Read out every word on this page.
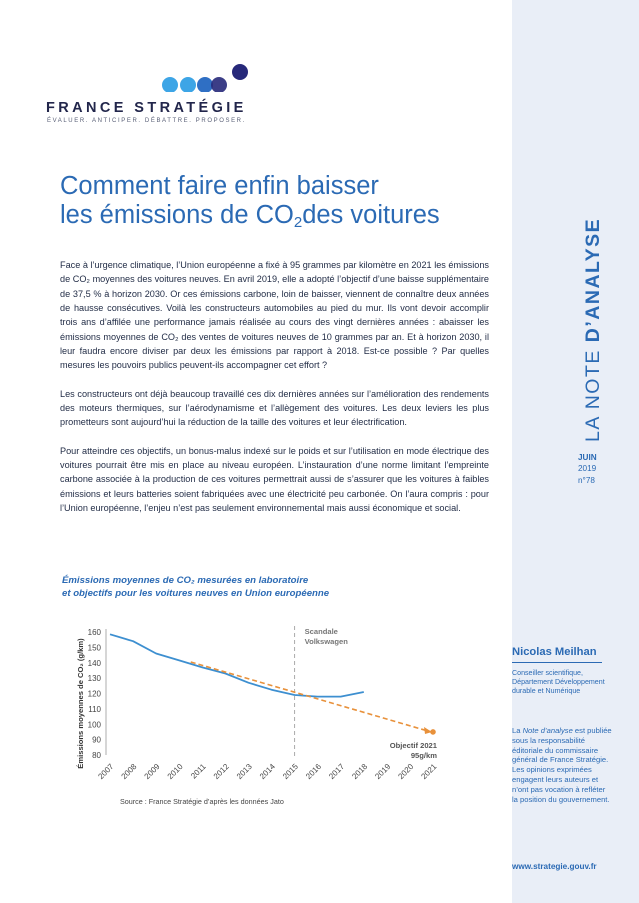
FRANCE STRATÉGIE
ÉVALUER. ANTICIPER. DÉBATTRE. PROPOSER.
Comment faire enfin baisser
les émissions de $CO_2des$ voitures

Face à l’urgence climatique, l’Union européenne a fixé à 95 grammes par kilomètre en 2021 les émissions de CO₂ moyennes des voitures neuves. En avril 2019, elle a adopté l’objectif d’une baisse supplémentaire de 37,5 % à horizon 2030. Or ces émissions carbone, loin de baisser, viennent de connaître deux années de hausse consécutives. Voilà les constructeurs automobiles au pied du mur. Ils vont devoir accomplir trois ans d’affilée une performance jamais réalisée au cours des vingt dernières années : abaisser les émissions moyennes de CO₂ des ventes de voitures neuves de 10 grammes par an. Et à horizon 2030, il leur faudra encore diviser par deux les émissions par rapport à 2018. Est-ce possible ? Par quelles mesures les pouvoirs publics peuvent-ils accompagner cet effort ?

Les constructeurs ont déjà beaucoup travaillé ces dix dernières années sur l’amélioration des rendements des moteurs thermiques, sur l’aérodynamisme et l’allègement des voitures. Les deux leviers les plus prometteurs sont aujourd’hui la réduction de la taille des voitures et leur électrification.

Pour atteindre ces objectifs, un bonus-malus indexé sur le poids et sur l’utilisation en mode électrique des voitures pourrait être mis en place au niveau européen. L’instauration d’une norme limitant l’empreinte carbone associée à la production de ces voitures permettrait aussi de s’assurer que les voitures à faibles émissions et leurs batteries soient fabriquées avec une électricité peu carbonée. On l’aura compris : pour l’Union européenne, l’enjeu n’est pas seulement environnemental mais aussi économique et social.

Émissions moyennes de CO₂ mesurées en laboratoire
et objectifs pour les voitures neuves en Union européenne
80
90
100
110
120
130
140
150
160
2007 2008 2009 2010 2011 2012 2013 2014 2015 2016 2017 2018 2019 2020 2021
Émissions moyennes de CO₂ (g/km)
Scandale
Volkswagen
Objectif 2021
95g/km
Source : France Stratégie d’après les données Jato
LA NOTE D’ANALYSE
JUIN
2019
n°78
Nicolas Meilhan
Conseiller scientifique, Département Développement durable et Numérique
La Note d’analyse est publiée sous la responsabilité éditoriale du commissaire général de France Stratégie. Les opinions exprimées engagent leurs auteurs et n’ont pas vocation à refléter la position du gouvernement.
www.strategie.gouv.fr
